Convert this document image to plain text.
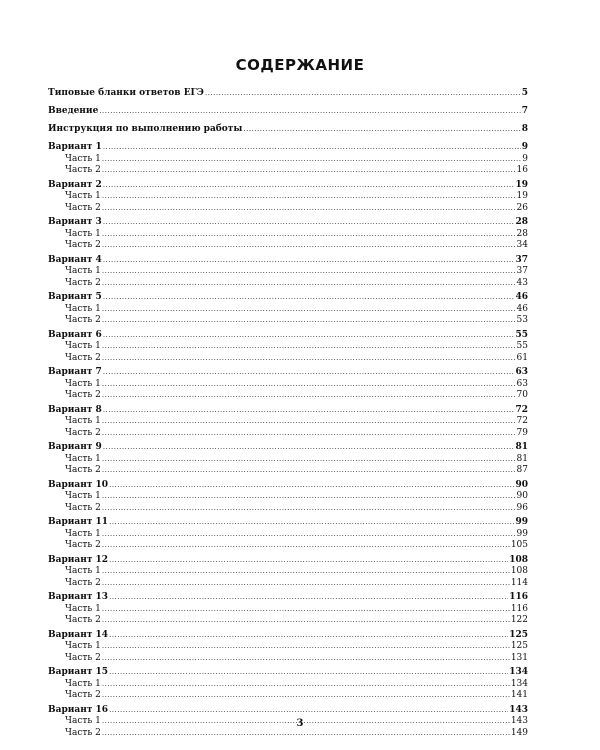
СОДЕРЖАНИЕ
Типовые бланки ответов ЕГЭ .....	5
Введение .....	7
Инструкция по выполнению работы .....	8
Вариант 1 .....	9
Часть 1 .....	9
Часть 2 .....	16
Вариант 2 .....	19
Часть 1 .....	19
Часть 2 .....	26
Вариант 3 .....	28
Часть 1 .....	28
Часть 2 .....	34
Вариант 4 .....	37
Часть 1 .....	37
Часть 2 .....	43
Вариант 5 .....	46
Часть 1 .....	46
Часть 2 .....	53
Вариант 6 .....	55
Часть 1 .....	55
Часть 2 .....	61
Вариант 7 .....	63
Часть 1 .....	63
Часть 2 .....	70
Вариант 8 .....	72
Часть 1 .....	72
Часть 2 .....	79
Вариант 9 .....	81
Часть 1 .....	81
Часть 2 .....	87
Вариант 10 .....	90
Часть 1 .....	90
Часть 2 .....	96
Вариант 11 .....	99
Часть 1 .....	99
Часть 2 .....	105
Вариант 12 .....	108
Часть 1 .....	108
Часть 2 .....	114
Вариант 13 .....	116
Часть 1 .....	116
Часть 2 .....	122
Вариант 14 .....	125
Часть 1 .....	125
Часть 2 .....	131
Вариант 15 .....	134
Часть 1 .....	134
Часть 2 .....	141
Вариант 16 .....	143
Часть 1 .....	143
Часть 2 .....	149
3
